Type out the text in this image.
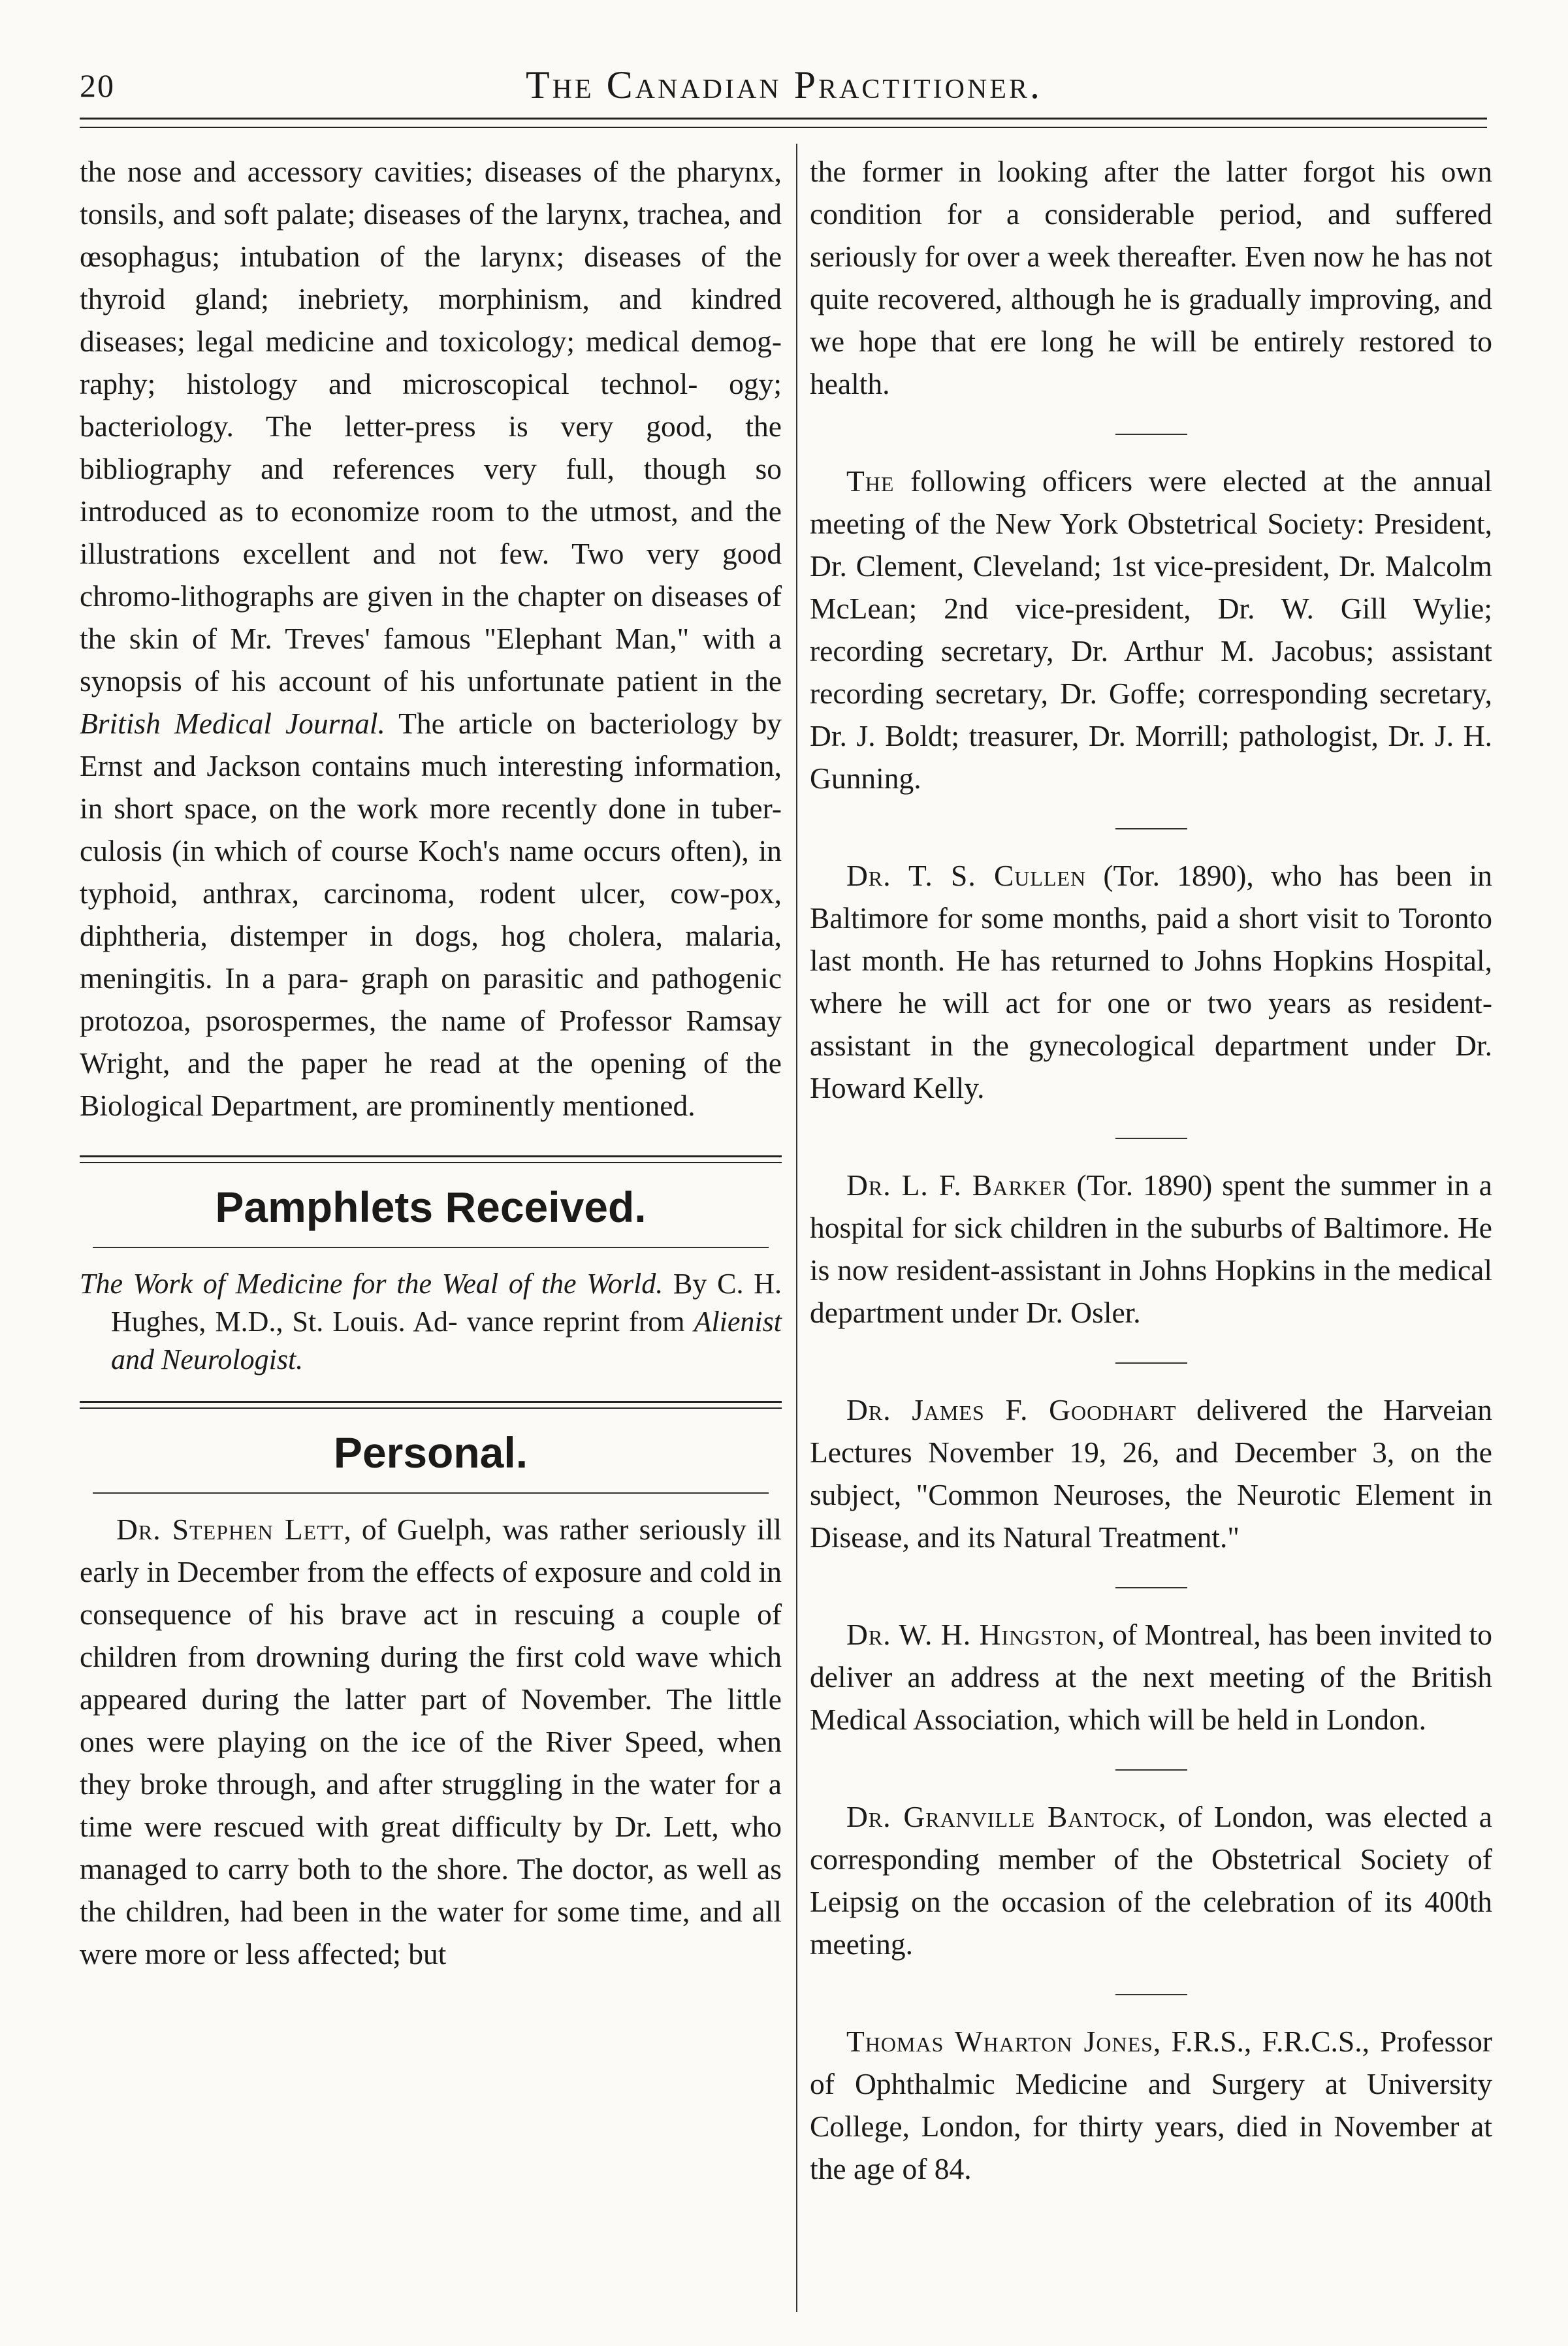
20	The Canadian Practitioner.

the nose and accessory cavities; diseases of the pharynx, tonsils, and soft palate; diseases of the larynx, trachea, and œsophagus; intubation of the larynx; diseases of the thyroid gland; inebriety, morphinism, and kindred diseases; legal medicine and toxicology; medical demog- raphy; histology and microscopical technol- ogy; bacteriology. The letter-press is very good, the bibliography and references very full, though so introduced as to economize room to the utmost, and the illustrations excellent and not few. Two very good chromo-lithographs are given in the chapter on diseases of the skin of Mr. Treves' famous "Elephant Man," with a synopsis of his account of his unfortunate patient in the British Medical Journal. The article on bacteriology by Ernst and Jackson contains much interesting information, in short space, on the work more recently done in tuber- culosis (in which of course Koch's name occurs often), in typhoid, anthrax, carcinoma, rodent ulcer, cow-pox, diphtheria, distemper in dogs, hog cholera, malaria, meningitis. In a para- graph on parasitic and pathogenic protozoa, psorospermes, the name of Professor Ramsay Wright, and the paper he read at the opening of the Biological Department, are prominently mentioned.

Pamphlets Received.

The Work of Medicine for the Weal of the World. By C. H. Hughes, M.D., St. Louis. Ad- vance reprint from Alienist and Neurologist.

Personal.

Dr. Stephen Lett, of Guelph, was rather seriously ill early in December from the effects of exposure and cold in consequence of his brave act in rescuing a couple of children from drowning during the first cold wave which appeared during the latter part of November. The little ones were playing on the ice of the River Speed, when they broke through, and after struggling in the water for a time were rescued with great difficulty by Dr. Lett, who managed to carry both to the shore. The doctor, as well as the children, had been in the water for some time, and all were more or less affected; but

the former in looking after the latter forgot his own condition for a considerable period, and suffered seriously for over a week thereafter. Even now he has not quite recovered, although he is gradually improving, and we hope that ere long he will be entirely restored to health.

The following officers were elected at the annual meeting of the New York Obstetrical Society: President, Dr. Clement, Cleveland; 1st vice-president, Dr. Malcolm McLean; 2nd vice-president, Dr. W. Gill Wylie; recording secretary, Dr. Arthur M. Jacobus; assistant recording secretary, Dr. Goffe; corresponding secretary, Dr. J. Boldt; treasurer, Dr. Morrill; pathologist, Dr. J. H. Gunning.

Dr. T. S. Cullen (Tor. 1890), who has been in Baltimore for some months, paid a short visit to Toronto last month. He has returned to Johns Hopkins Hospital, where he will act for one or two years as resident-assistant in the gynecological department under Dr. Howard Kelly.

Dr. L. F. Barker (Tor. 1890) spent the summer in a hospital for sick children in the suburbs of Baltimore. He is now resident-assistant in Johns Hopkins in the medical department under Dr. Osler.

Dr. James F. Goodhart delivered the Harveian Lectures November 19, 26, and December 3, on the subject, "Common Neuroses, the Neurotic Element in Disease, and its Natural Treatment."

Dr. W. H. Hingston, of Montreal, has been invited to deliver an address at the next meeting of the British Medical Association, which will be held in London.

Dr. Granville Bantock, of London, was elected a corresponding member of the Obstetrical Society of Leipsig on the occasion of the celebration of its 400th meeting.

Thomas Wharton Jones, F.R.S., F.R.C.S., Professor of Ophthalmic Medicine and Surgery at University College, London, for thirty years, died in November at the age of 84.
